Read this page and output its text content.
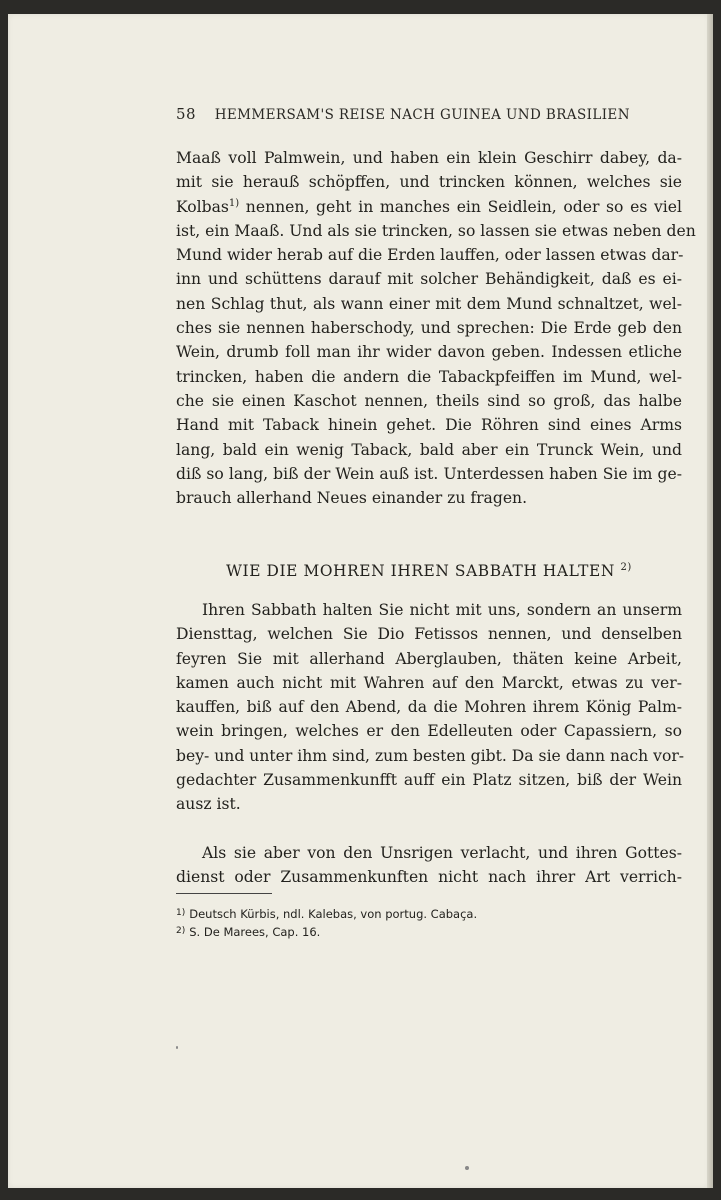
58 HEMMERSAM'S REISE NACH GUINEA UND BRASILIEN
Maaß voll Palmwein, und haben ein klein Geschirr dabey, da-
mit sie herauß schöpffen, und trincken können, welches sie
Kolbas$^{1)}$ nennen, geht in manches ein Seidlein, oder so es viel
ist, ein Maaß. Und als sie trincken, so lassen sie etwas neben den
Mund wider herab auf die Erden lauffen, oder lassen etwas dar-
inn und schüttens darauf mit solcher Behändigkeit, daß es ei-
nen Schlag thut, als wann einer mit dem Mund schnaltzet, wel-
ches sie nennen haberschody, und sprechen: Die Erde geb den
Wein, drumb foll man ihr wider davon geben. Indessen etliche
trincken, haben die andern die Tabackpfeiffen im Mund, wel-
che sie einen Kaschot nennen, theils sind so groß, das halbe
Hand mit Taback hinein gehet. Die Röhren sind eines Arms
lang, bald ein wenig Taback, bald aber ein Trunck Wein, und
diß so lang, biß der Wein auß ist. Unterdessen haben Sie im ge-
brauch allerhand Neues einander zu fragen.
WIE DIE MOHREN IHREN SABBATH HALTEN $^{2)}$
Ihren Sabbath halten Sie nicht mit uns, sondern an unserm
Diensttag, welchen Sie Dio Fetissos nennen, und denselben
feyren Sie mit allerhand Aberglauben, thäten keine Arbeit,
kamen auch nicht mit Wahren auf den Marckt, etwas zu ver-
kauffen, biß auf den Abend, da die Mohren ihrem König Palm-
wein bringen, welches er den Edelleuten oder Capassiern, so
bey- und unter ihm sind, zum besten gibt. Da sie dann nach vor-
gedachter Zusammenkunfft auff ein Platz sitzen, biß der Wein
ausz ist.
Als sie aber von den Unsrigen verlacht, und ihren Gottes-
dienst oder Zusammenkunften nicht nach ihrer Art verrich-
$^{1)}$ Deutsch Kürbis, ndl. Kalebas, von portug. Cabaça.
$^{2)}$ S. De Marees, Cap. 16.
